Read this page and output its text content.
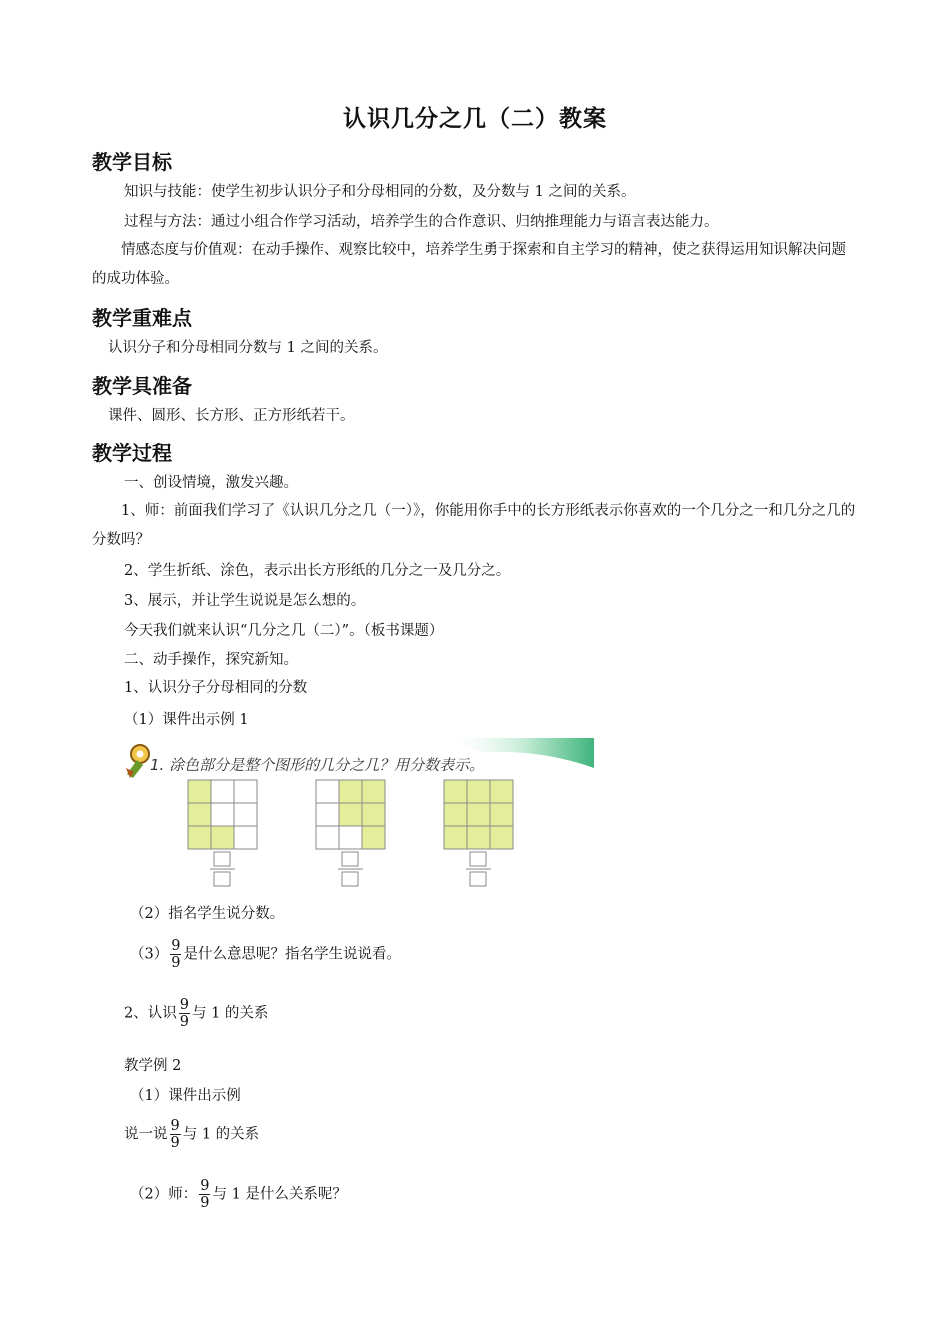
认识几分之几（二）教案
教学目标
知识与技能：使学生初步认识分子和分母相同的分数，及分数与 1 之间的关系。
过程与方法：通过小组合作学习活动，培养学生的合作意识、归纳推理能力与语言表达能力。
情感态度与价值观：在动手操作、观察比较中，培养学生勇于探索和自主学习的精神，使之获得运用知识解决问题的成功体验。
教学重难点
认识分子和分母相同分数与 1 之间的关系。
教学具准备
课件、圆形、长方形、正方形纸若干。
教学过程
一、创设情境，激发兴趣。
1、师：前面我们学习了《认识几分之几（一）》，你能用你手中的长方形纸表示你喜欢的一个几分之一和几分之几的分数吗？
2、学生折纸、涂色，表示出长方形纸的几分之一及几分之。
3、展示，并让学生说说是怎么想的。
今天我们就来认识“几分之几（二）”。（板书课题）
二、动手操作，探究新知。
1、认识分子分母相同的分数
（1）课件出示例 1
1. 涂色部分是整个图形的几分之几？用分数表示。
（2）指名学生说分数。
$(3) \frac{9}{9}$ 是什么意思呢？指名学生说说看。
2、认识 $\frac{9}{9}$ 与 1 的关系
教学例 2
（1）课件出示例
说一说 $\frac{9}{9}$ 与 1 的关系
（2）师： $\frac{9}{9}$ 与 1 是什么关系呢？
